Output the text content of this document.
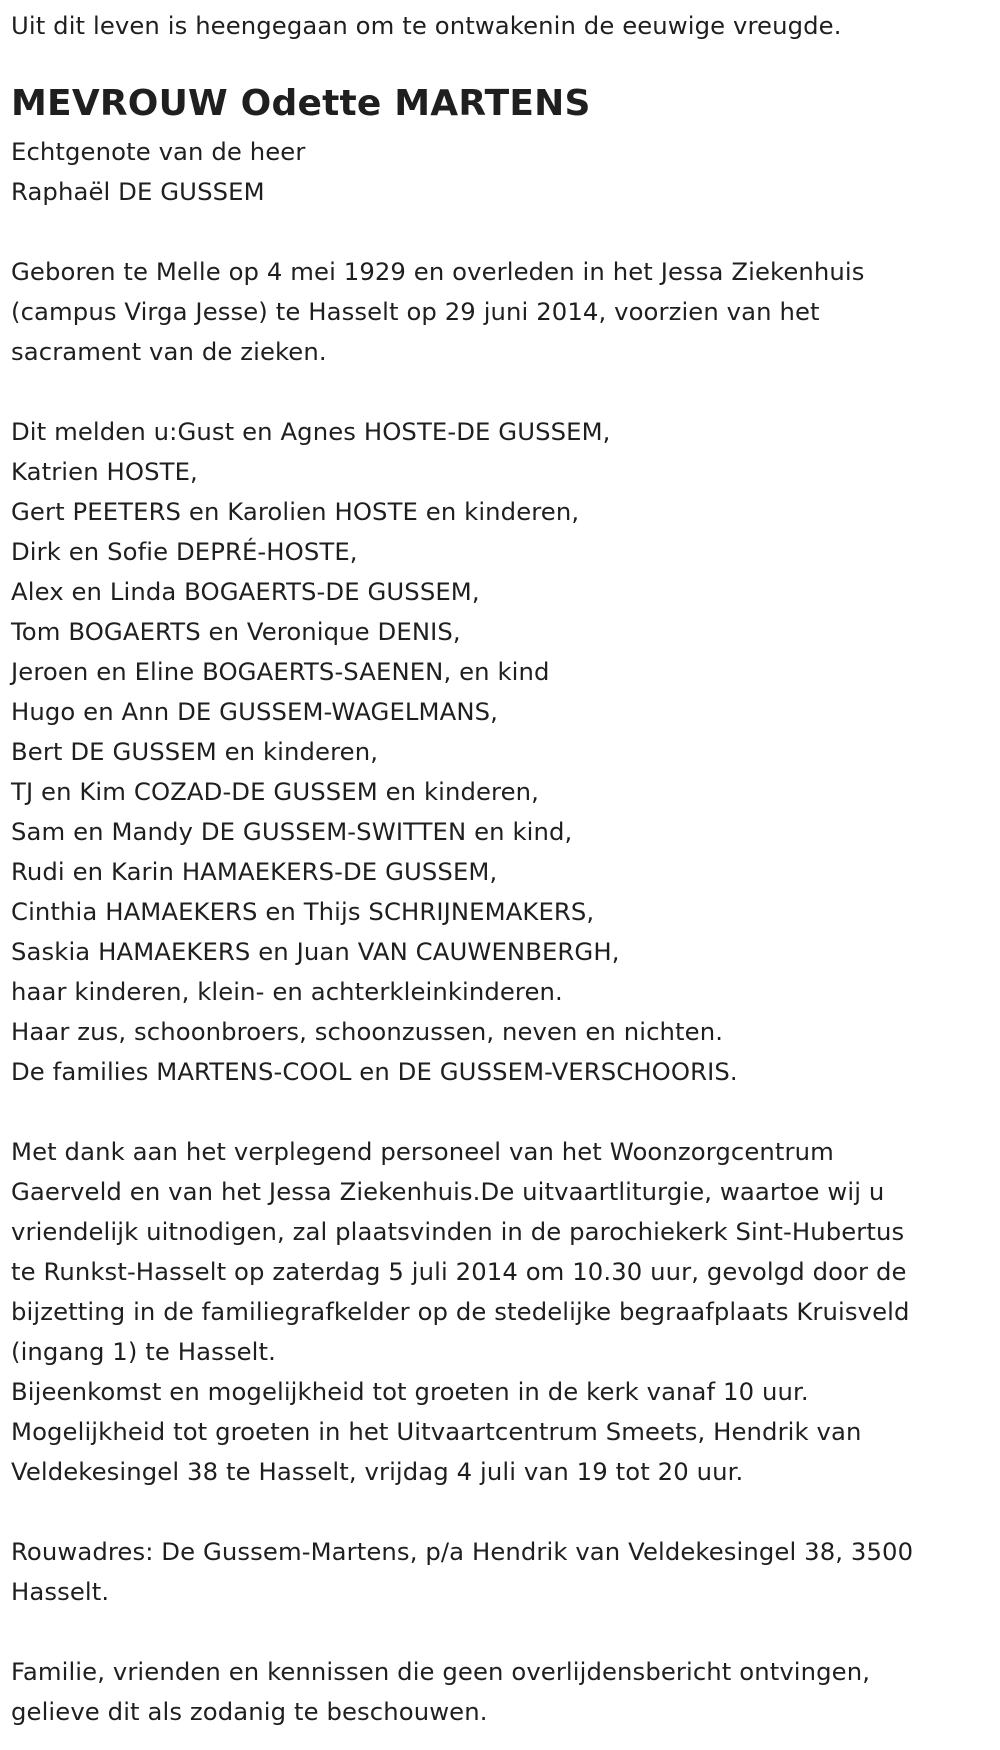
Uit dit leven is heengegaan om te ontwakenin de eeuwige vreugde.
MEVROUW Odette MARTENS
Echtgenote van de heer
Raphaël DE GUSSEM
Geboren te Melle op 4 mei 1929 en overleden in het Jessa Ziekenhuis
(campus Virga Jesse) te Hasselt op 29 juni 2014, voorzien van het
sacrament van de zieken.
Dit melden u:Gust en Agnes HOSTE-DE GUSSEM,
Katrien HOSTE,
Gert PEETERS en Karolien HOSTE en kinderen,
Dirk en Sofie DEPRÉ-HOSTE,
Alex en Linda BOGAERTS-DE GUSSEM,
Tom BOGAERTS en Veronique DENIS,
Jeroen en Eline BOGAERTS-SAENEN, en kind
Hugo en Ann DE GUSSEM-WAGELMANS,
Bert DE GUSSEM en kinderen,
TJ en Kim COZAD-DE GUSSEM en kinderen,
Sam en Mandy DE GUSSEM-SWITTEN en kind,
Rudi en Karin HAMAEKERS-DE GUSSEM,
Cinthia HAMAEKERS en Thijs SCHRIJNEMAKERS,
Saskia HAMAEKERS en Juan VAN CAUWENBERGH,
haar kinderen, klein- en achterkleinkinderen.
Haar zus, schoonbroers, schoonzussen, neven en nichten.
De families MARTENS-COOL en DE GUSSEM-VERSCHOORIS.
Met dank aan het verplegend personeel van het Woonzorgcentrum
Gaerveld en van het Jessa Ziekenhuis.De uitvaartliturgie, waartoe wij u
vriendelijk uitnodigen, zal plaatsvinden in de parochiekerk Sint-Hubertus
te Runkst-Hasselt op zaterdag 5 juli 2014 om 10.30 uur, gevolgd door de
bijzetting in de familiegrafkelder op de stedelijke begraafplaats Kruisveld
(ingang 1) te Hasselt.
Bijeenkomst en mogelijkheid tot groeten in de kerk vanaf 10 uur.
Mogelijkheid tot groeten in het Uitvaartcentrum Smeets, Hendrik van
Veldekesingel 38 te Hasselt, vrijdag 4 juli van 19 tot 20 uur.
Rouwadres: De Gussem-Martens, p/a Hendrik van Veldekesingel 38, 3500
Hasselt.
Familie, vrienden en kennissen die geen overlijdensbericht ontvingen,
gelieve dit als zodanig te beschouwen.
